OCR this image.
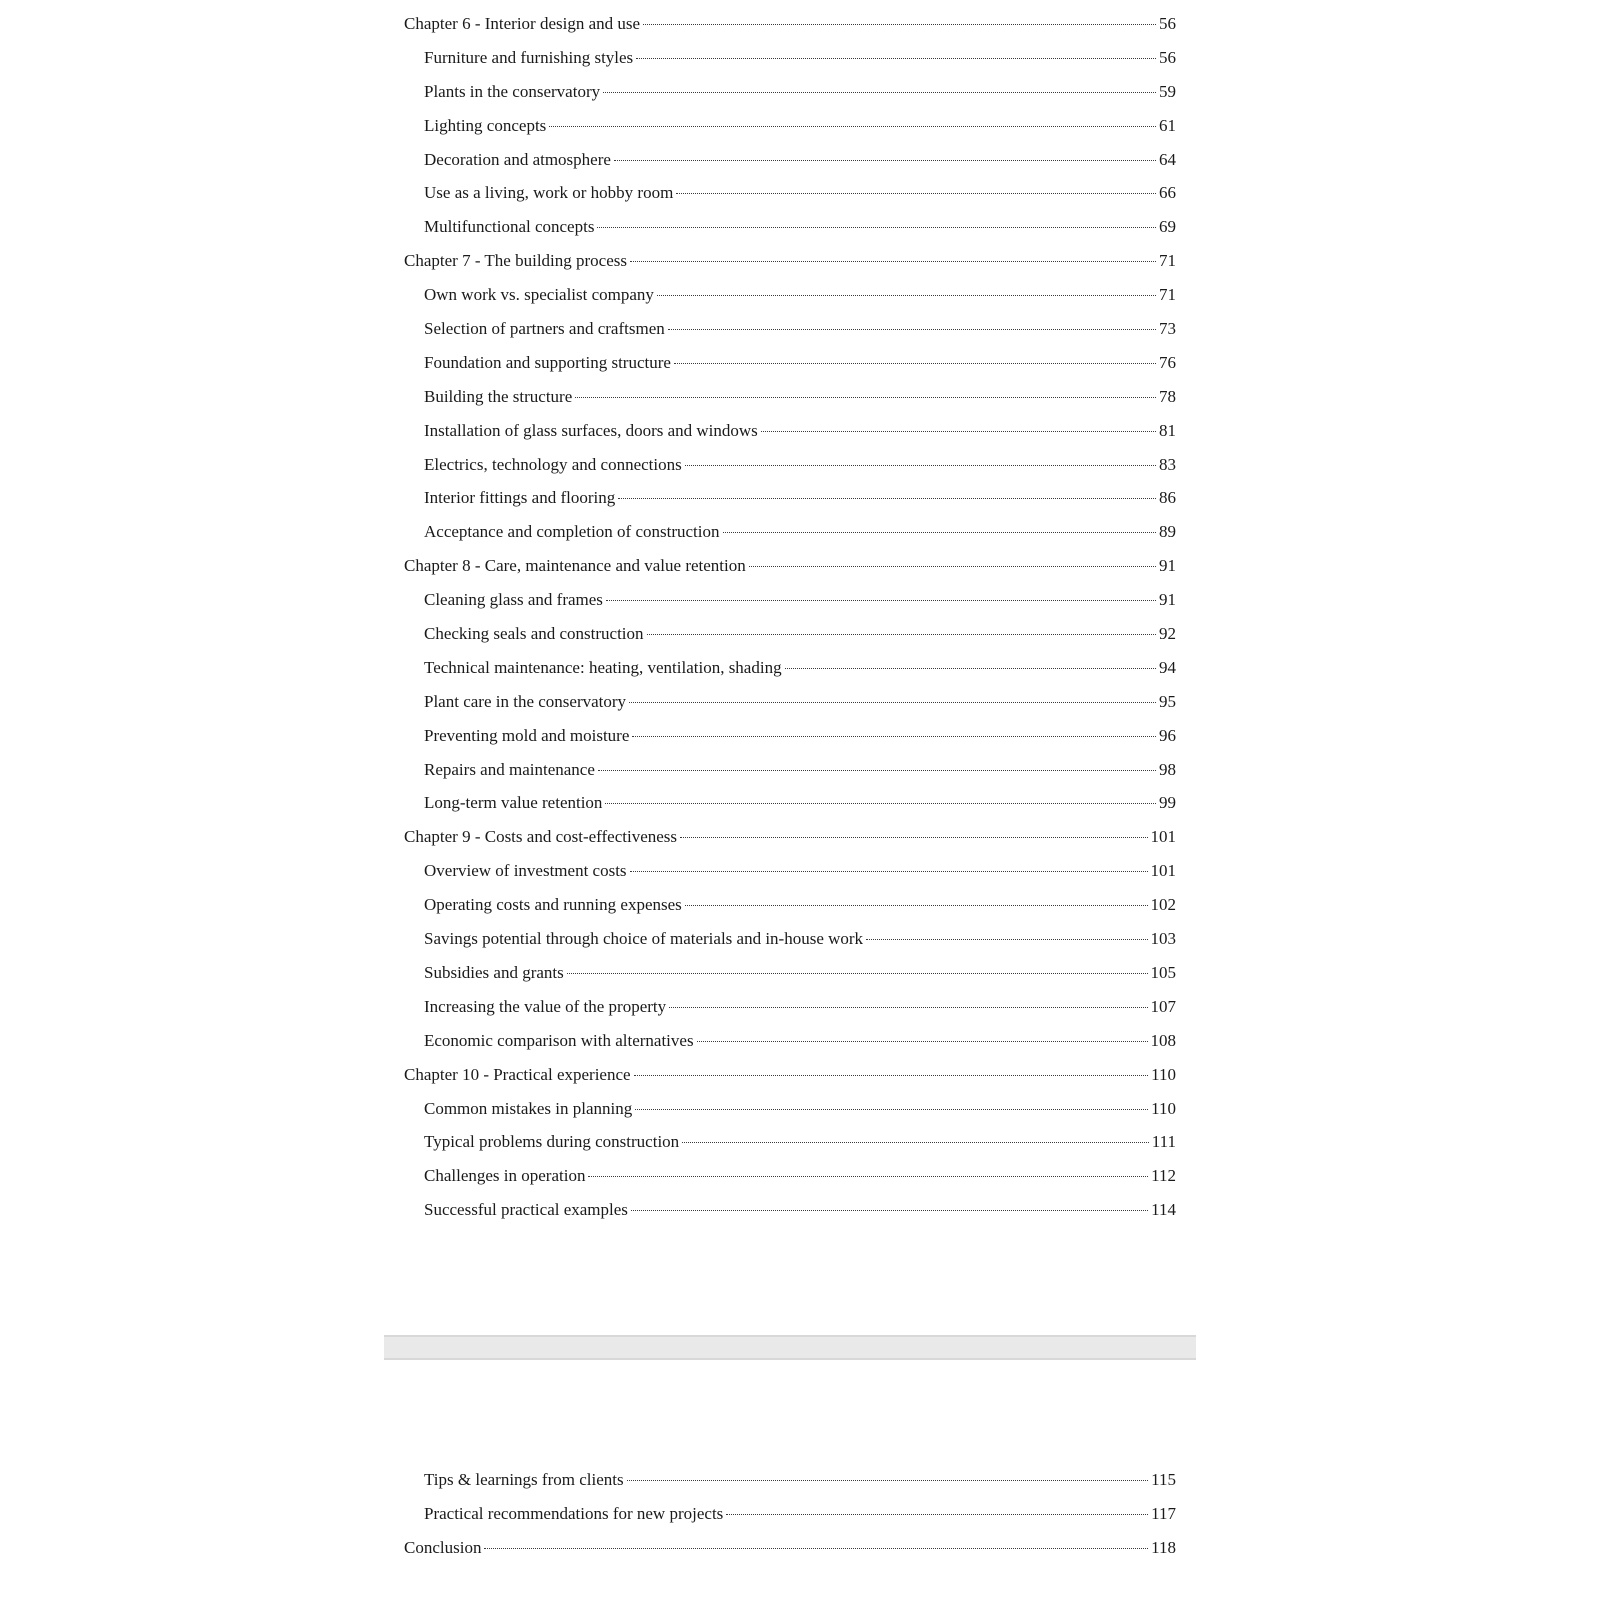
Chapter 6 - Interior design and use	56
Furniture and furnishing styles	56
Plants in the conservatory	59
Lighting concepts	61
Decoration and atmosphere	64
Use as a living, work or hobby room	66
Multifunctional concepts	69
Chapter 7 - The building process	71
Own work vs. specialist company	71
Selection of partners and craftsmen	73
Foundation and supporting structure	76
Building the structure	78
Installation of glass surfaces, doors and windows	81
Electrics, technology and connections	83
Interior fittings and flooring	86
Acceptance and completion of construction	89
Chapter 8 - Care, maintenance and value retention	91
Cleaning glass and frames	91
Checking seals and construction	92
Technical maintenance: heating, ventilation, shading	94
Plant care in the conservatory	95
Preventing mold and moisture	96
Repairs and maintenance	98
Long-term value retention	99
Chapter 9 - Costs and cost-effectiveness	101
Overview of investment costs	101
Operating costs and running expenses	102
Savings potential through choice of materials and in-house work	103
Subsidies and grants	105
Increasing the value of the property	107
Economic comparison with alternatives	108
Chapter 10 - Practical experience	110
Common mistakes in planning	110
Typical problems during construction	111
Challenges in operation	112
Successful practical examples	114
Tips & learnings from clients	115
Practical recommendations for new projects	117
Conclusion	118
